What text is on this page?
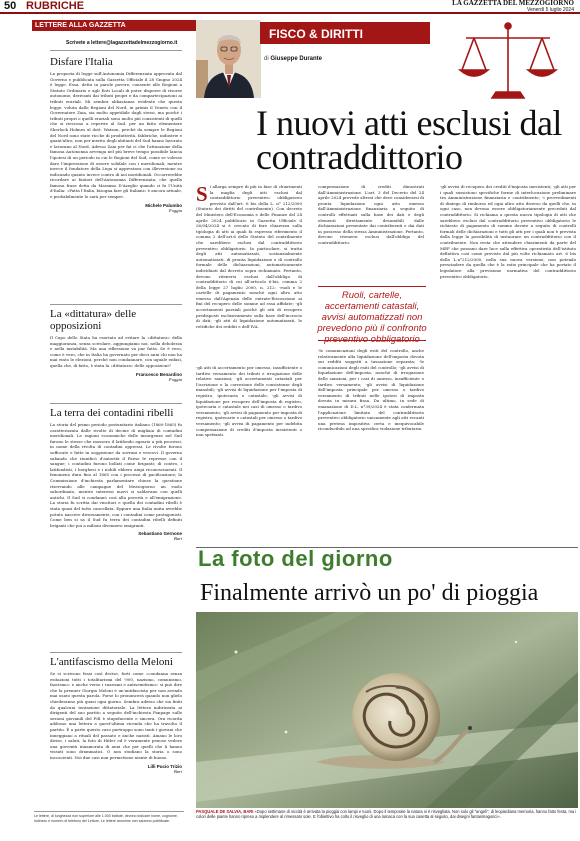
50 RUBRICHE	LA GAZZETTA DEL MEZZOGIORNO
Venerdì 5 luglio 2024
LETTERE ALLA GAZZETTA
Scrivete a lettere@lagazzettadelmezzogiorno.it
Disfare l'Italia
La proposta di legge sull'Autonomia Differenziata approvata dal Governo e pubblicata sulla Gazzetta Ufficiale il 28 Giugno 2024 è legge. Essa, detta in parole povere, consente alle Regioni a Statuto Ordinario e agli Enti Locali di poter disporre di risorse autonome, derivanti dai tributi propri e da compartecipazioni ai tributi erariali. Mi sembra abbastanza evidente che questa legge, voluta dalle Regioni del Nord, in primis il Veneto con il Governatore Zaia, sia molto appetibile dagli stessi, ma poiché i tributi propri o quelli erariali sono molto più consistenti di quelli che si riescono a reperire al Sud, per un fatto elementare Sherlock Holmes al dott. Watson, perché da sempre le Regioni del Nord sono state ricche di produttività, fabbriche, industrie e quant'altro, non per merito degli abitanti del Sud hanno lavorato e lavorano al Nord. Adesso Zaia per fai ci che l'attuazione della famosa Autonomia avvenga nel più breve tempo possibile lancia l'ipotesi di un periodo in cui le Regioni del Sud, come se volesse dare l'impressione di essere solidale con i meridionali, mentre invece il fondatore della Lega si apprestava con illeversione su indicando quanto invece contro di noi meridionali. Occorrerebbe ricordare ai fautori dell'Autonomia Differenziata, che quella famosa frase detta da Massimo D'Azeglio quando ci fu l'Unità d'Italia: «Fatta l'Italia, bisogna fare gli Italiani» è ancora attuale, e probabilmente lo sarà per sempre.
Michele Palumbo
Foggia
La «dittatura» delle opposizioni
Il Capo dello Stato ha esortato ad evitare la «dittatura» della maggioranza, senza scivolare, aggiungiamo noi, nella debolezza e nella instabilità. Ma una riflessione va pur fatta. Se è vero, come è vero, che in Italia ha governato per dieci anni chi non ha mai vinto le elezioni, perché non condannare, con uguale enfasi, quella che, di fatto, è stata la «dittatura» delle opposizioni?
Francesco Benardino
Foggia
La terra dei contadini ribelli
La storia del primo periodo postunitario italiano (1860-1865) fu caratterizzata dalle rivolte di decine di migliaia di contadini meridionali. Le ragioni economiche delle insurgenze nel Sud furono le stesse che mossero il latifondo agrario a più processi, in nome della rivolta di contadini oppressi. Le rivolte furono soffocate e fatte in soggezione da sovrani e vescovi. Il governo sabaudo che riunificò d'autorità il Paese le represse con il sangue; i contadini furono bollati come briganti; di contro, i latifondisti, i borghesi e i nobili ebbero ampi riconoscimenti. Il fenomeno dura fino al 1865 con i processi di pacificazione; la Commissione d'inchiesta parlamentare chiuse la questione riservando alle campagne del Mezzogiorno un ruolo subordinato, mentre interessi nuovi si saldavano con quelli antichi. Il Sud si condannò così alla povertà e all'emigrazione. La storia fu scritta dai vincitori e quella dei contadini ribelli è stata quasi del tutto cancellata. Eppure una Italia unita avrebbe potuto nascere diversamente, con i contadini come protagonisti. Come ben si sa il Sud fu terra dei contadini ribelli definiti briganti che poi a milioni divennero emigranti.
Sebastiano Gernone
Bari
L'antifascismo della Meloni
Se si scrivono frasi così decise, forti come «condanna senza esitazioni tutti i totalitarismi del '900, nazismo, comunismo, fascismo» e anche verso i razzismi e antisemitismo» si può dire che la premier Giorgia Meloni è un'antifascista per non avendo mai usato questa parola. Forse lo pronuncerà quando non glielo chiederanno più quasi ogni giorno. Sembra adesso che sia finiti da qualcuni tentazione dittatoriale. La lettera indirizzata ai dirigenti del suo partito a seguito dell'inchiesta Fanpage sulle sezioni giovanili del FdI è stupefacente e sincera. Ora ricorda addosso una lettera a quest'ultima vicenda che ha travolto il partito. È a parte questo caso purtroppo sono tanti i giovani che inneggiano a rituali del passato e anche nazisti. Amano le loro divise, i saluti, la foto di Hitler ed è veramente penoso vedere una gioventù innamorata di anni che per quelli che li hanno vissuti sono drammatici. O non studiano la storia o sono incoscienti. Noi due casi non permettono niente di buono.
Lilli Pucio Trizio
Bari
Le lettere, di lunghezza non superiore alle 1.000 battute, devono indicare nome, cognome, indirizzo e numero di telefono del Lettore. Le lettere anonime non saranno pubblicate.
FISCO & DIRITTI
di Giuseppe Durante
I nuovi atti esclusi dal contraddittorio
Si allarga sempre di più in fase di chiarimenti la maglia degli atti esclusi dal contraddittorio preventivo obbligatorio previsto dall'art. 6 bis della L. n° 212/2000 (Statuto dei diritti del contribuente). Con decreto del Ministero dell'Economia e delle Finanze del 24 aprile 2024 pubblicato in Gazzetta Ufficiale il 26/04/2024 si è cercato di fare chiarezza sulla tipologia di atti ai quali fa espresso riferimento il comma 2 dell'art.6 dello Statuto del contribuente che sarebbero esclusi dal contraddittorio preventivo obbligatorio. In particolare, si tratta degli atti automatizzati, sostanzialmente automatizzati, di pronta liquidazione e di controllo formale delle dichiarazioni, automaticamente individuati dal decreto sopra richiamato. Pertanto, devono ritenersi esclusi dall'obbligo di contraddittorio di cui all'articolo 6-bis, comma 2 della legge 27 luglio 2000, n. 212: -ruoli e le cartelle di pagamento nonché ogni altro atto emesso dall'Agenzia delle entrate-Riscossione ai fini del recupero delle somme ad essa affidate; -gli accertamenti parziali poiché gli atti di recupero predisposti esclusivamente sulla base dell'incrocio di dati; -gli atti di liquidazione automatizzati, le rettifiche dei redditi e dell'IVA.
-gli atti di accertamento per omesso, insufficiente o tardivo versamento dei tributi e irrogazione delle relative sanzioni; -gli accertamenti catastali per l'iscrizione e la correzione delle consistenze degli immobili; -gli avvisi di liquidazione per l'imposta di registro, ipotecaria e catastale; -gli avvisi di liquidazione per recupero dell'imposta di registro, ipotecaria e catastale nei casi di omesso o tardivo versamento; -gli avvisi di pagamento per imposta di registro, ipotecarie e catastali per omesso o tardivo versamento; -gli avvisi di pagamento per indebita compensazione di crediti d'imposta inesistenti o non spettanti.
compensazione di crediti dimostrati dall'Amministrazione. L'art. 3 del Decreto del 24 aprile 2024 prevede altresì che deve considerarsi di pronta liquidazione ogni atto emesso dall'Amministrazione finanziaria a seguito di controlli effettuati sulla base dei dati e degli elementi direttamente desumibili dalle dichiarazioni presentate dai contribuenti e dai dati in possesso della stessa Amministrazione. Pertanto, devono ritenersi esclusi dall'obbligo del contraddittorio:
Ruoli, cartelle, accertamenti catastali, avvisi automatizzati non prevedono più il confronto preventivo obbligatorio
-le comunicazioni degli esiti del controllo, anche relativamente alla liquidazione dell'imposta dovuta sui redditi soggetti a tassazione separata; -le comunicazioni degli esiti del controllo; -gli avvisi di liquidazione dell'imposta, nonché di irrogazione delle sanzioni, per i casi di omesso, insufficiente o tardivo versamento; -gli avvisi di liquidazione dell'imposta principale per omesso o tardivo versamento di tributi nelle ipotesi di imposta dovuta in misura fissa. Da ultimo, in sede di emanazione di D.L. n°39/2024 è stata confermata l'applicazione limitata del contraddittorio preventivo obbligatorio unicamente agli atti recanti una pretesa impositiva certa e inequivocabile riconducibile ad una specifica violazione tributaria.
-gli avvisi di recupero dei crediti d'imposta inesistenti; -gli atti per i quali sussistono specifiche forme di interlocuzione preliminare tra Amministrazione finanziaria e contribuente; -i provvedimenti di diniego di rimborso ed ogni altro atto diverso da quelli che, in ogni caso, non devono essere obbligatoriamente preceduti dal contraddittorio. Si richiama a questa nuova tipologia di atti che sarebbero esclusi dal contraddittorio preventivo obbligatorio le richieste di pagamento di somme dovute a seguito di controlli formali delle dichiarazioni e tutti gli atti per i quali non è prevista dalla legge la possibilità di instaurare un contraddittorio con il contribuente. Non resta che attendere chiarimenti da parte del MEF che possano dare luce sulla effettiva operatività dell'istituto deflattivo così come previsto dal più volte richiamato art. 6 bis della L.n°212/2000, nella sua nuova versione, non potendo prescindere da quella che è la ratio principale che ha portato il legislatore alla previsione normativa del contraddittorio preventivo obbligatorio.
La foto del giorno
Finalmente arrivò un po' di pioggia
PASQUALE DE SALVIA, BARI «Dopo settimane di siccità è arrivata la pioggia con lampi e tuoni. Dopo il temporale la natura si è risvegliata. Non solo gli "angeli", di leopardiana memoria, hanno fatto festa, ma i colori delle piante hanno ripreso a risplendere al rimessato sole. E l'obiettivo ha colto il risveglio di una lumaca con la sua casetta al seguito, dai disegni fantasmagorici».
